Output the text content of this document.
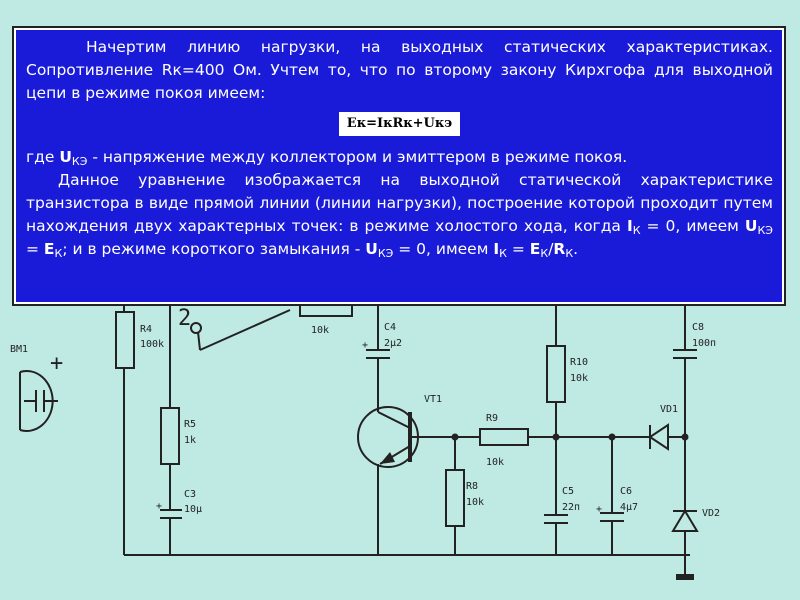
BM1
+
R4
100k
R5
1k
C3
10µ
+
2	10k	C4
2µ2
+
VT1
R8
10k
R9
10k
R10
10k
C5
22п
C6
4µ7
+
VD1
VD2
C8
100п

Начертим линию нагрузки, на выходных статических характеристиках. Сопротивление Rк=400 Ом. Учтем то, что по второму закону Кирхгофа для выходной цепи в режиме покоя имеем:

Ек=IкRк+Uкэ

где $U_{КЭ}$ - напряжение между коллектором и эмиттером в режиме покоя.

Данное уравнение изображается на выходной статической характеристике транзистора в виде прямой линии (линии нагрузки), построение которой проходит путем нахождения двух характерных точек: в режиме холостого хода, когда $I_К = 0$, имеем $U_{КЭ} = E_К$; и в режиме короткого замыкания - $U_{КЭ} = 0$, имеем $I_К = E_К/R_К$.
